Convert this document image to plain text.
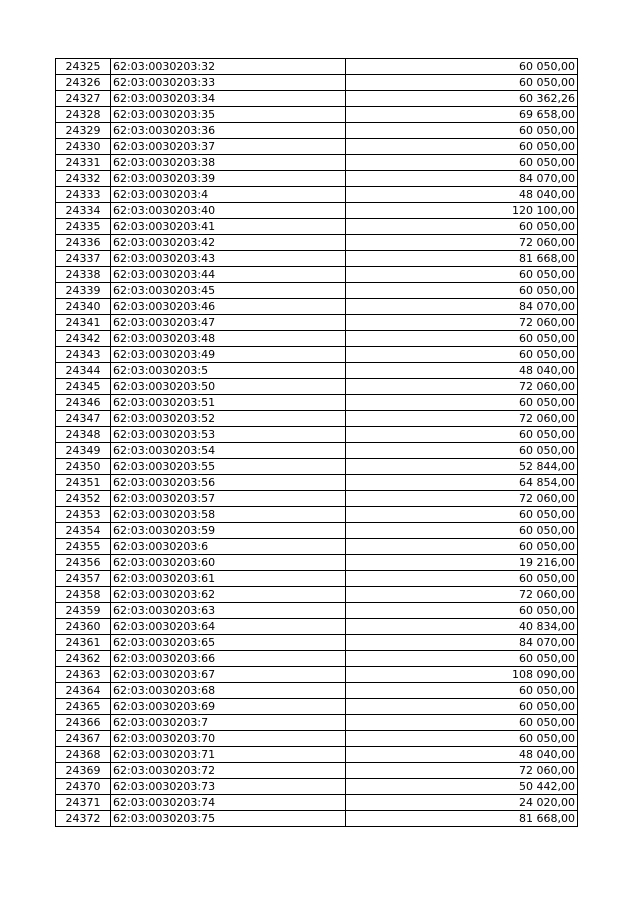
24325	62:03:0030203:32	60 050,00
24326	62:03:0030203:33	60 050,00
24327	62:03:0030203:34	60 362,26
24328	62:03:0030203:35	69 658,00
24329	62:03:0030203:36	60 050,00
24330	62:03:0030203:37	60 050,00
24331	62:03:0030203:38	60 050,00
24332	62:03:0030203:39	84 070,00
24333	62:03:0030203:4	48 040,00
24334	62:03:0030203:40	120 100,00
24335	62:03:0030203:41	60 050,00
24336	62:03:0030203:42	72 060,00
24337	62:03:0030203:43	81 668,00
24338	62:03:0030203:44	60 050,00
24339	62:03:0030203:45	60 050,00
24340	62:03:0030203:46	84 070,00
24341	62:03:0030203:47	72 060,00
24342	62:03:0030203:48	60 050,00
24343	62:03:0030203:49	60 050,00
24344	62:03:0030203:5	48 040,00
24345	62:03:0030203:50	72 060,00
24346	62:03:0030203:51	60 050,00
24347	62:03:0030203:52	72 060,00
24348	62:03:0030203:53	60 050,00
24349	62:03:0030203:54	60 050,00
24350	62:03:0030203:55	52 844,00
24351	62:03:0030203:56	64 854,00
24352	62:03:0030203:57	72 060,00
24353	62:03:0030203:58	60 050,00
24354	62:03:0030203:59	60 050,00
24355	62:03:0030203:6	60 050,00
24356	62:03:0030203:60	19 216,00
24357	62:03:0030203:61	60 050,00
24358	62:03:0030203:62	72 060,00
24359	62:03:0030203:63	60 050,00
24360	62:03:0030203:64	40 834,00
24361	62:03:0030203:65	84 070,00
24362	62:03:0030203:66	60 050,00
24363	62:03:0030203:67	108 090,00
24364	62:03:0030203:68	60 050,00
24365	62:03:0030203:69	60 050,00
24366	62:03:0030203:7	60 050,00
24367	62:03:0030203:70	60 050,00
24368	62:03:0030203:71	48 040,00
24369	62:03:0030203:72	72 060,00
24370	62:03:0030203:73	50 442,00
24371	62:03:0030203:74	24 020,00
24372	62:03:0030203:75	81 668,00
